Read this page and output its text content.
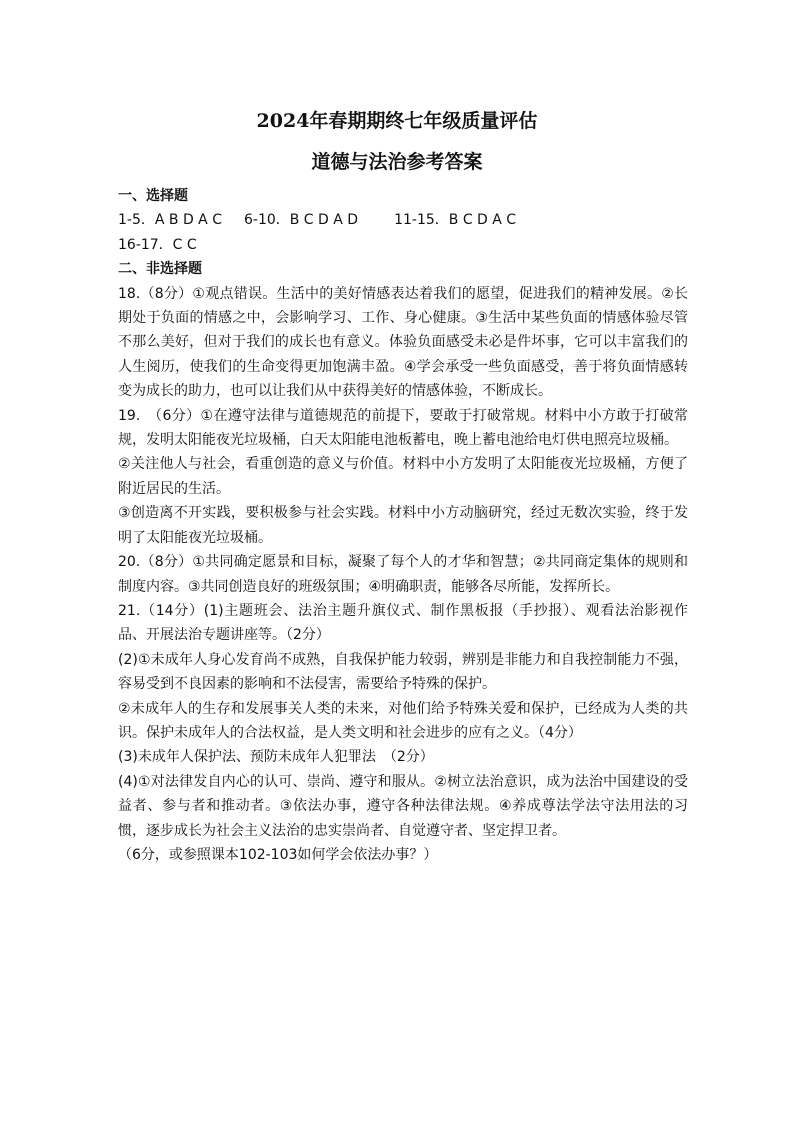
2024年春期期终七年级质量评估
道德与法治参考答案

一、选择题

1-5．A B D A C 6-10．B C D A D	11-15．B C D A C

16-17．C C

二、非选择题

18.（8分）①观点错误。生活中的美好情感表达着我们的愿望，促进我们的精神发展。②长期处于负面的情感之中，会影响学习、工作、身心健康。③生活中某些负面的情感体验尽管不那么美好，但对于我们的成长也有意义。体验负面感受未必是件坏事，它可以丰富我们的人生阅历，使我们的生命变得更加饱满丰盈。④学会承受一些负面感受，善于将负面情感转变为成长的助力，也可以让我们从中获得美好的情感体验，不断成长。

19.　（6分）①在遵守法律与道德规范的前提下，要敢于打破常规。材料中小方敢于打破常规，发明太阳能夜光垃圾桶，白天太阳能电池板蓄电，晚上蓄电池给电灯供电照亮垃圾桶。

②关注他人与社会，看重创造的意义与价值。材料中小方发明了太阳能夜光垃圾桶，方便了附近居民的生活。

③创造离不开实践，要积极参与社会实践。材料中小方动脑研究，经过无数次实验，终于发明了太阳能夜光垃圾桶。

20.（8分）①共同确定愿景和目标，凝聚了每个人的才华和智慧；②共同商定集体的规则和制度内容。③共同创造良好的班级氛围；④明确职责，能够各尽所能，发挥所长。

21.（14分）(1)主题班会、法治主题升旗仪式、制作黑板报（手抄报）、观看法治影视作品、开展法治专题讲座等。（2分）

(2)①未成年人身心发育尚不成熟，自我保护能力较弱，辨别是非能力和自我控制能力不强，容易受到不良因素的影响和不法侵害，需要给予特殊的保护。

②未成年人的生存和发展事关人类的未来，对他们给予特殊关爱和保护，已经成为人类的共识。保护未成年人的合法权益，是人类文明和社会进步的应有之义。（4分）

(3)未成年人保护法、预防未成年人犯罪法　（2分）

(4)①对法律发自内心的认可、崇尚、遵守和服从。②树立法治意识，成为法治中国建设的受益者、参与者和推动者。③依法办事，遵守各种法律法规。④养成尊法学法守法用法的习惯，逐步成长为社会主义法治的忠实崇尚者、自觉遵守者、坚定捍卫者。

（6分，或参照课本102-103如何学会依法办事？）
